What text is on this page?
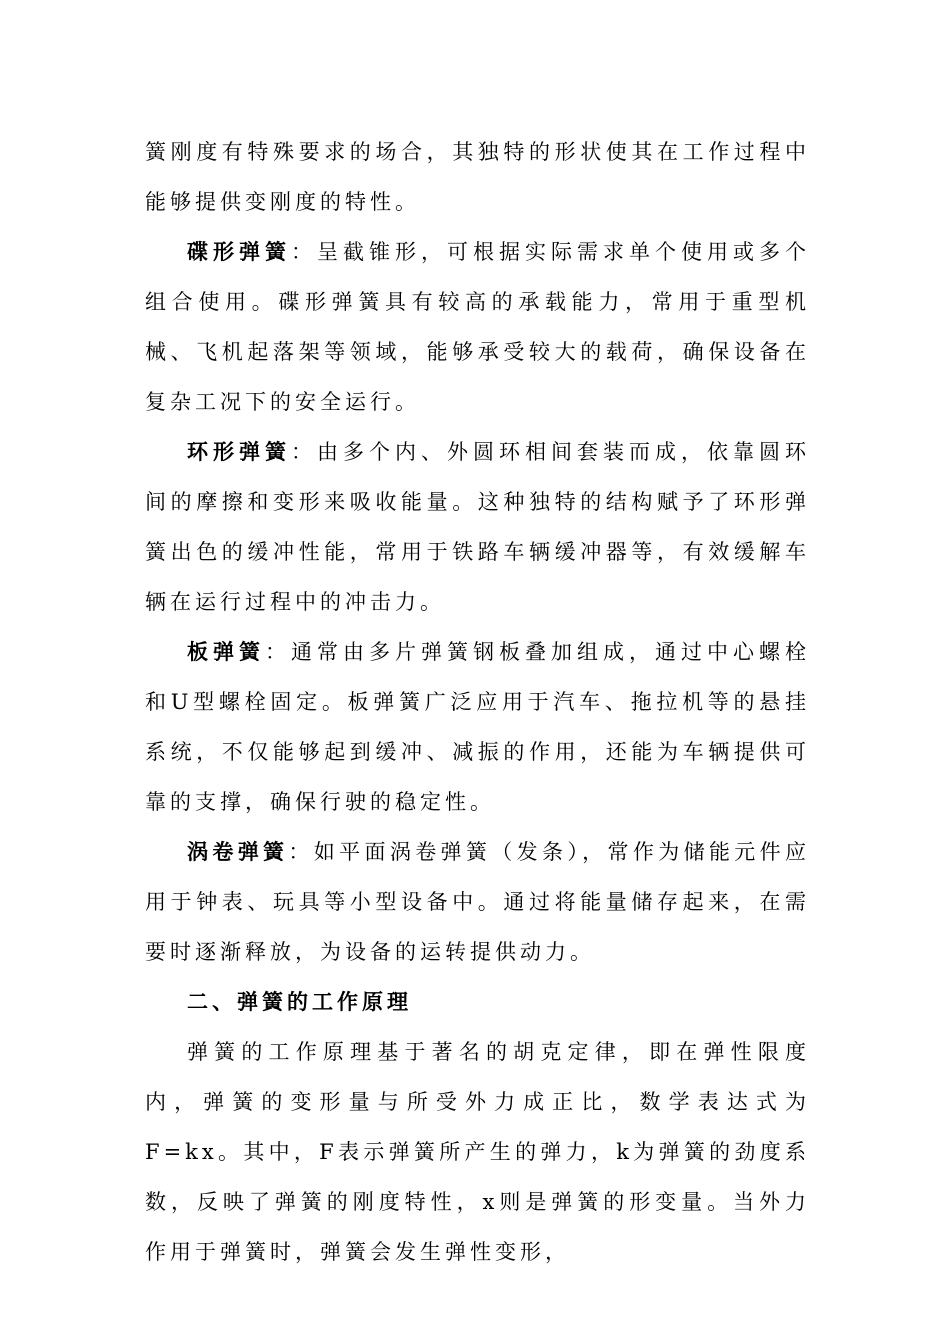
簧刚度有特殊要求的场合，其独特的形状使其在工作过程中能够提供变刚度的特性。

碟形弹簧：呈截锥形，可根据实际需求单个使用或多个组合使用。碟形弹簧具有较高的承载能力，常用于重型机械、飞机起落架等领域，能够承受较大的载荷，确保设备在复杂工况下的安全运行。

环形弹簧：由多个内、外圆环相间套装而成，依靠圆环间的摩擦和变形来吸收能量。这种独特的结构赋予了环形弹簧出色的缓冲性能，常用于铁路车辆缓冲器等，有效缓解车辆在运行过程中的冲击力。

板弹簧：通常由多片弹簧钢板叠加组成，通过中心螺栓和U型螺栓固定。板弹簧广泛应用于汽车、拖拉机等的悬挂系统，不仅能够起到缓冲、减振的作用，还能为车辆提供可靠的支撑，确保行驶的稳定性。

涡卷弹簧：如平面涡卷弹簧（发条），常作为储能元件应用于钟表、玩具等小型设备中。通过将能量储存起来，在需要时逐渐释放，为设备的运转提供动力。

二、弹簧的工作原理

弹簧的工作原理基于著名的胡克定律，即在弹性限度内，弹簧的变形量与所受外力成正比，数学表达式为F=kx。其中，F表示弹簧所产生的弹力，k为弹簧的劲度系数，反映了弹簧的刚度特性，x则是弹簧的形变量。当外力作用于弹簧时，弹簧会发生弹性变形，
